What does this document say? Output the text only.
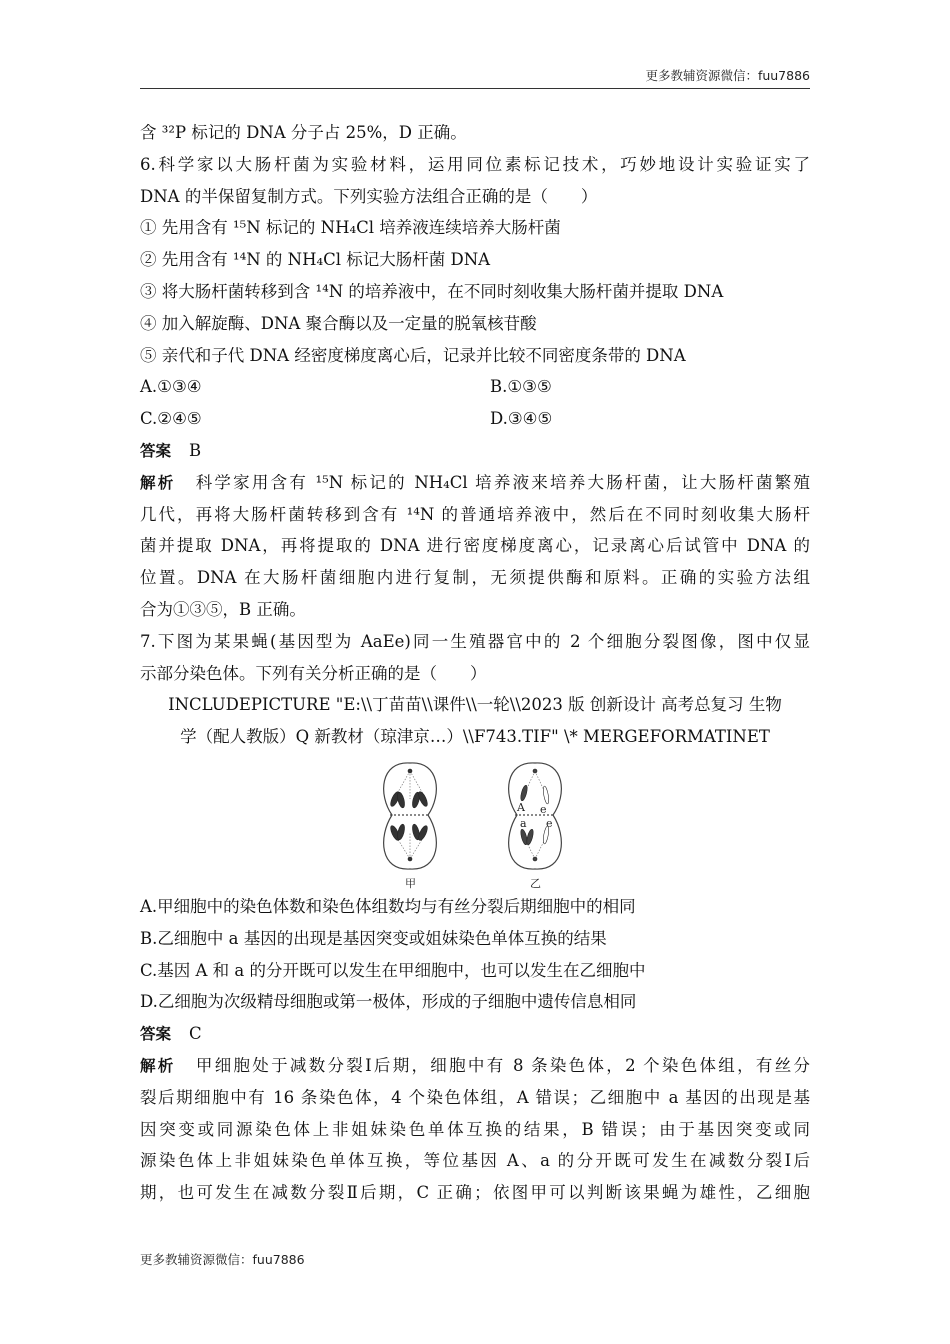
更多教辅资源微信：fuu7886
含 ³²P 标记的 DNA 分子占 25%，D 正确。
6.科学家以大肠杆菌为实验材料，运用同位素标记技术，巧妙地设计实验证实了
DNA 的半保留复制方式。下列实验方法组合正确的是（　　）
① 先用含有 ¹⁵N 标记的 NH₄Cl 培养液连续培养大肠杆菌
② 先用含有 ¹⁴N 的 NH₄Cl 标记大肠杆菌 DNA
③ 将大肠杆菌转移到含 ¹⁴N 的培养液中，在不同时刻收集大肠杆菌并提取 DNA
④ 加入解旋酶、DNA 聚合酶以及一定量的脱氧核苷酸
⑤ 亲代和子代 DNA 经密度梯度离心后，记录并比较不同密度条带的 DNA
A.①③④	B.①③⑤
C.②④⑤	D.③④⑤
答案 B
解析 科学家用含有 ¹⁵N 标记的 NH₄Cl 培养液来培养大肠杆菌，让大肠杆菌繁殖
几代，再将大肠杆菌转移到含有 ¹⁴N 的普通培养液中，然后在不同时刻收集大肠杆
菌并提取 DNA，再将提取的 DNA 进行密度梯度离心，记录离心后试管中 DNA 的
位置。DNA 在大肠杆菌细胞内进行复制，无须提供酶和原料。正确的实验方法组
合为①③⑤，B 正确。
7.下图为某果蝇(基因型为 AaEe)同一生殖器官中的 2 个细胞分裂图像，图中仅显
示部分染色体。下列有关分析正确的是（　　）
INCLUDEPICTURE "E:\\丁苗苗\\课件\\一轮\\2023 版 创新设计 高考总复习 生物
学（配人教版）Q 新教材（琼津京…）\\F743.TIF" \* MERGEFORMATINET
A e
a e
甲	乙
A.甲细胞中的染色体数和染色体组数均与有丝分裂后期细胞中的相同
B.乙细胞中 a 基因的出现是基因突变或姐妹染色单体互换的结果
C.基因 A 和 a 的分开既可以发生在甲细胞中，也可以发生在乙细胞中
D.乙细胞为次级精母细胞或第一极体，形成的子细胞中遗传信息相同
答案 C
解析 甲细胞处于减数分裂Ⅰ后期，细胞中有 8 条染色体，2 个染色体组，有丝分
裂后期细胞中有 16 条染色体，4 个染色体组，A 错误；乙细胞中 a 基因的出现是基
因突变或同源染色体上非姐妹染色单体互换的结果，B 错误；由于基因突变或同
源染色体上非姐妹染色单体互换，等位基因 A、a 的分开既可发生在减数分裂Ⅰ后
期，也可发生在减数分裂Ⅱ后期，C 正确；依图甲可以判断该果蝇为雄性，乙细胞
更多教辅资源微信：fuu7886
